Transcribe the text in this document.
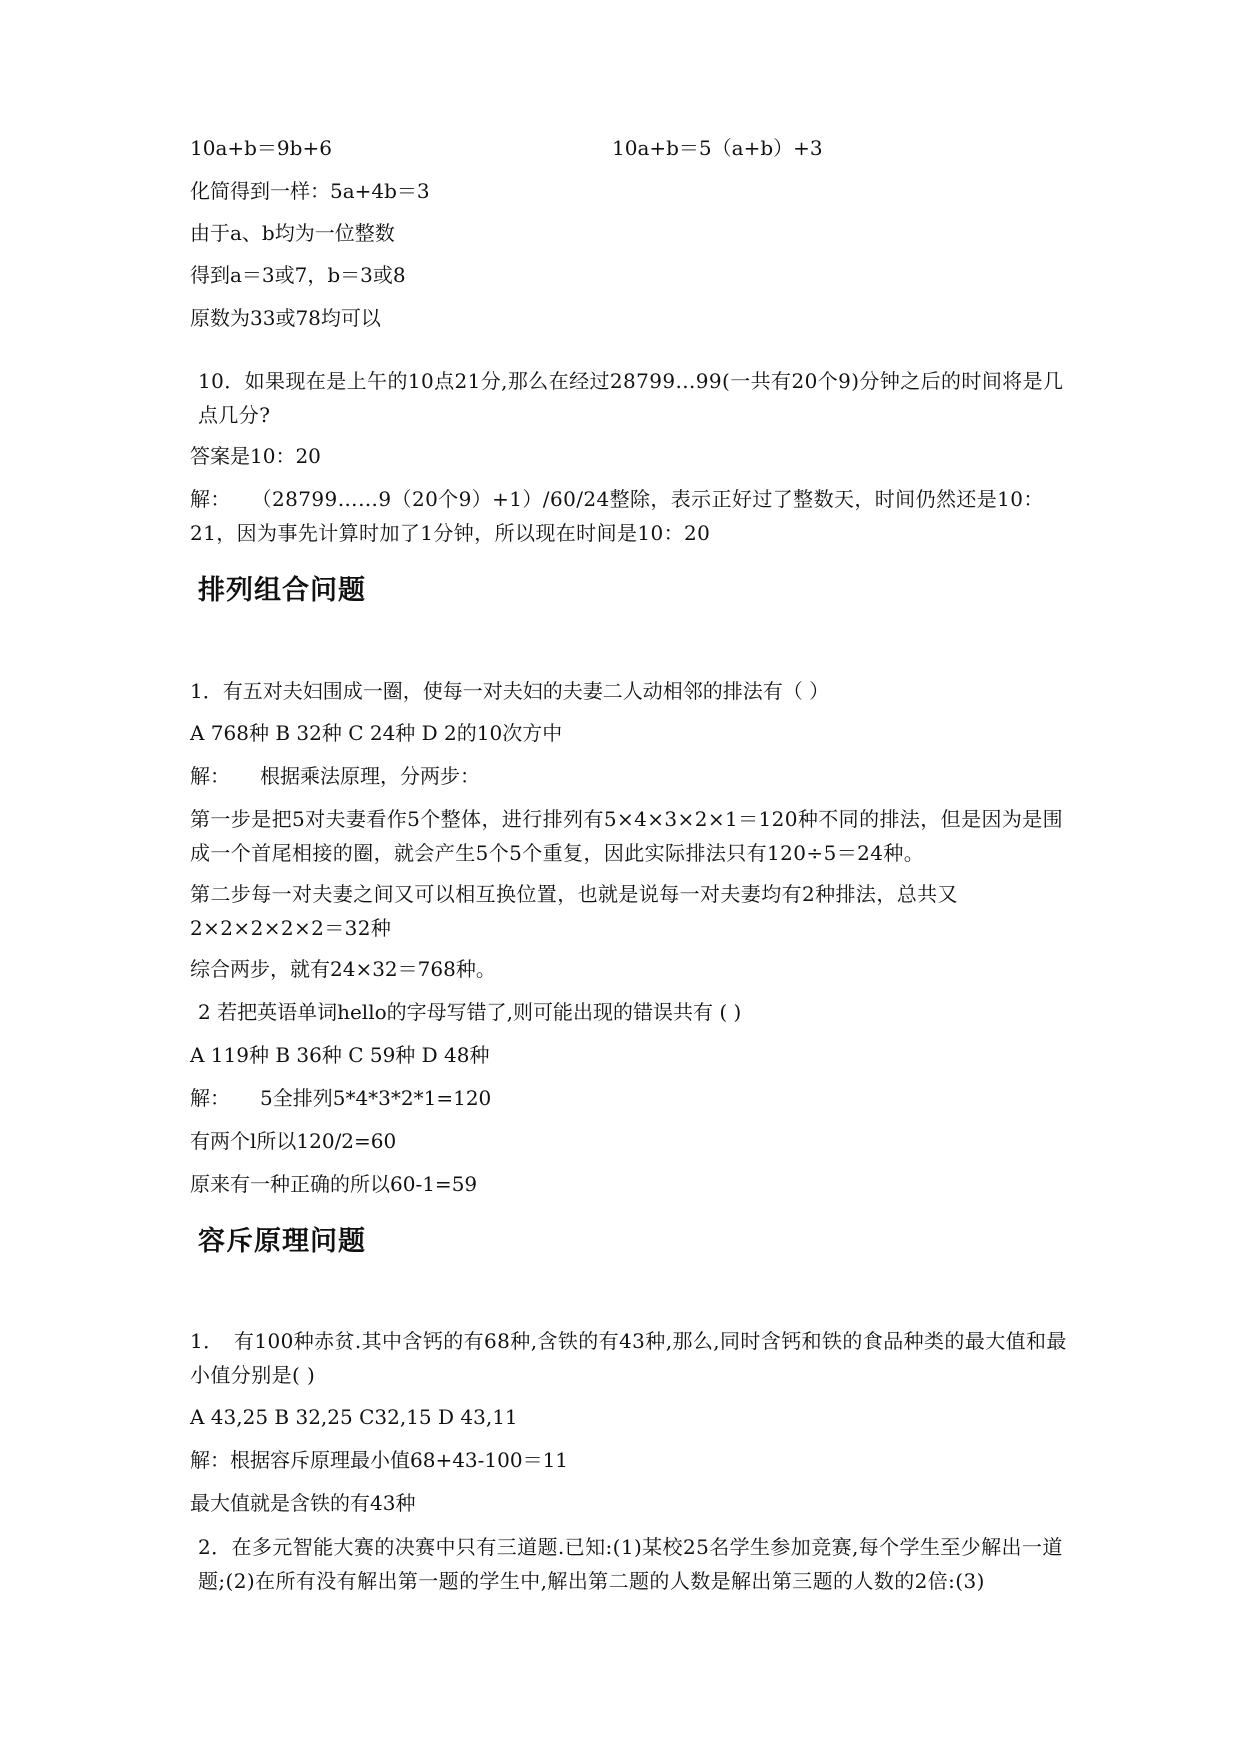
10a+b＝9b+6	10a+b＝5（a+b）+3
化简得到一样：5a+4b＝3
由于a、b均为一位整数
得到a＝3或7，b＝3或8
原数为33或78均可以
10．如果现在是上午的10点21分,那么在经过28799...99(一共有20个9)分钟之后的时间将是几点几分?
答案是10：20
解：　　（28799……9（20个9）+1）/60/24整除，表示正好过了整数天，时间仍然还是10：21，因为事先计算时加了1分钟，所以现在时间是10：20
排列组合问题
1．有五对夫妇围成一圈，使每一对夫妇的夫妻二人动相邻的排法有（ ）
A 768种 B 32种 C 24种 D 2的10次方中
解：　　根据乘法原理，分两步：
第一步是把5对夫妻看作5个整体，进行排列有5×4×3×2×1＝120种不同的排法，但是因为是围成一个首尾相接的圈，就会产生5个5个重复，因此实际排法只有120÷5＝24种。
第二步每一对夫妻之间又可以相互换位置，也就是说每一对夫妻均有2种排法，总共又2×2×2×2×2＝32种
综合两步，就有24×32＝768种。
2 若把英语单词hello的字母写错了,则可能出现的错误共有 ( )
A 119种 B 36种 C 59种 D 48种
解：　　5全排列5*4*3*2*1=120
有两个l所以120/2=60
原来有一种正确的所以60-1=59
容斥原理问题
1．　有100种赤贫.其中含钙的有68种,含铁的有43种,那么,同时含钙和铁的食品种类的最大值和最小值分别是( )
A 43,25 B 32,25 C32,15 D 43,11
解：根据容斥原理最小值68+43-100＝11
最大值就是含铁的有43种
2．在多元智能大赛的决赛中只有三道题.已知:(1)某校25名学生参加竞赛,每个学生至少解出一道题;(2)在所有没有解出第一题的学生中,解出第二题的人数是解出第三题的人数的2倍:(3)
